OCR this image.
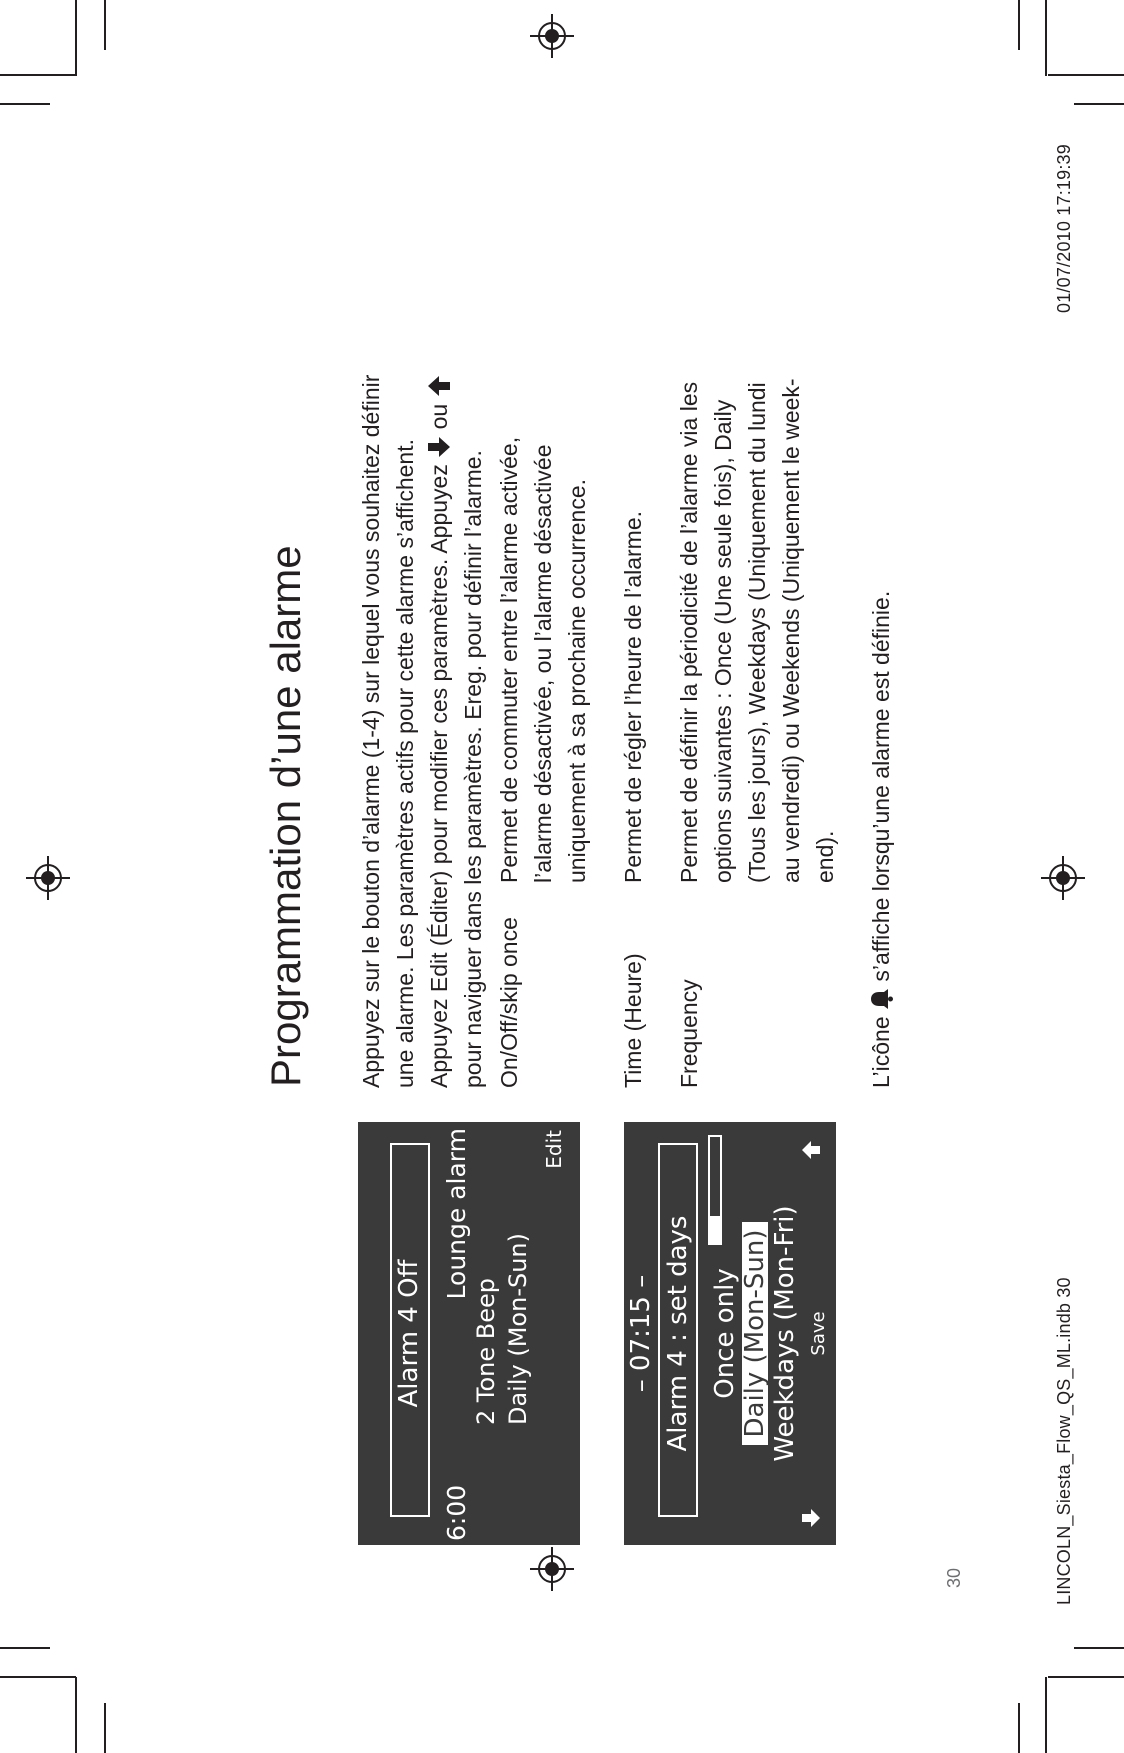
LINCOLN_Siesta_Flow_QS_ML.indb 30
01/07/2010 17:19:39
30
Alarm 4 Off
6:00
Lounge alarm
2 Tone Beep Daily (Mon-Sun)
Edit
– 07:15 – Alarm 4 : set days Once only Daily (Mon-Sun) Weekdays (Mon-Fri) Save
Programmation d’une alarme Appuyez sur le bouton d’alarme (1-4) sur lequel vous souhaitez définir une alarme. Les paramètres actifs pour cette alarme s’affichent. Appuyez Edit (Éditer) pour modifier ces paramètres. Appuyez  ou
pour naviguer dans les paramètres. Ereg. pour définir l’alarme. On/Off/skip once
Permet de commuter entre l’alarme activée, l’alarme désactivée, ou l’alarme désactivée uniquement à sa prochaine occurrence.
Time (Heure)
Permet de régler l’heure de l’alarme.
Frequency
Permet de définir la périodicité de l’alarme via les options suivantes : Once (Une seule fois), Daily (Tous les jours), Weekdays (Uniquement du lundi au vendredi) ou Weekends (Uniquement le week- end).
L’icône  s’affiche lorsqu’une alarme est définie.
